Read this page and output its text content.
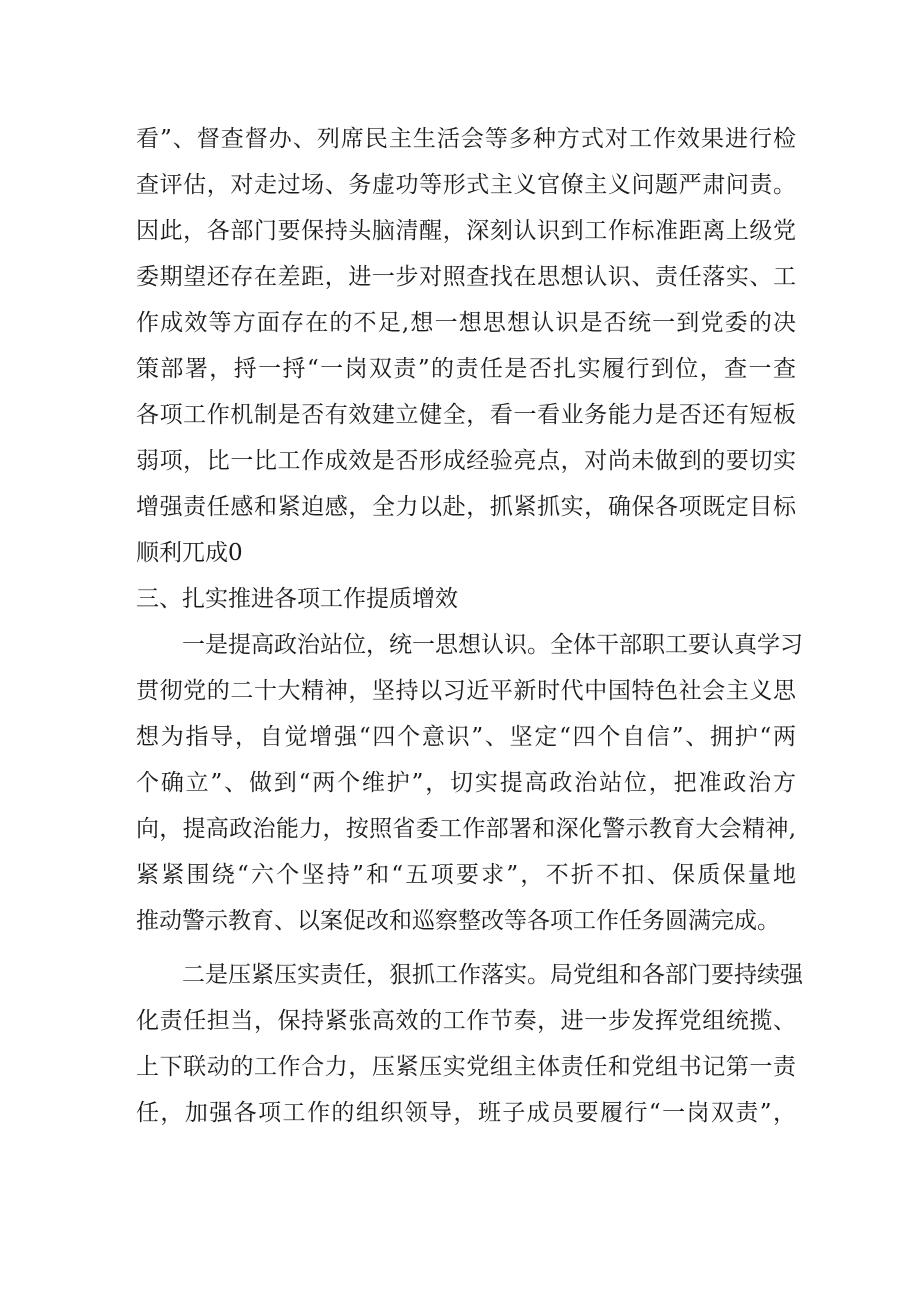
看”、督查督办、列席民主生活会等多种方式对工作效果进行检
查评估，对走过场、务虚功等形式主义官僚主义问题严肃问责。
因此，各部门要保持头脑清醒，深刻认识到工作标准距离上级党
委期望还存在差距，进一步对照查找在思想认识、责任落实、工
作成效等方面存在的不足,想一想思想认识是否统一到党委的决
策部署，捋一捋“一岗双责”的责任是否扎实履行到位，查一查
各项工作机制是否有效建立健全，看一看业务能力是否还有短板
弱项，比一比工作成效是否形成经验亮点，对尚未做到的要切实
增强责任感和紧迫感，全力以赴，抓紧抓实，确保各项既定目标
顺利兀成0
三、扎实推进各项工作提质增效
一是提高政治站位，统一思想认识。全体干部职工要认真学习
贯彻党的二十大精神，坚持以习近平新时代中国特色社会主义思
想为指导，自觉增强“四个意识”、坚定“四个自信”、拥护“两
个确立”、做到“两个维护”，切实提高政治站位，把准政治方
向，提高政治能力，按照省委工作部署和深化警示教育大会精神,
紧紧围绕“六个坚持”和“五项要求”，不折不扣、保质保量地
推动警示教育、以案促改和巡察整改等各项工作任务圆满完成。
二是压紧压实责任，狠抓工作落实。局党组和各部门要持续强
化责任担当，保持紧张高效的工作节奏，进一步发挥党组统揽、
上下联动的工作合力，压紧压实党组主体责任和党组书记第一责
任，加强各项工作的组织领导，班子成员要履行“一岗双责”，
